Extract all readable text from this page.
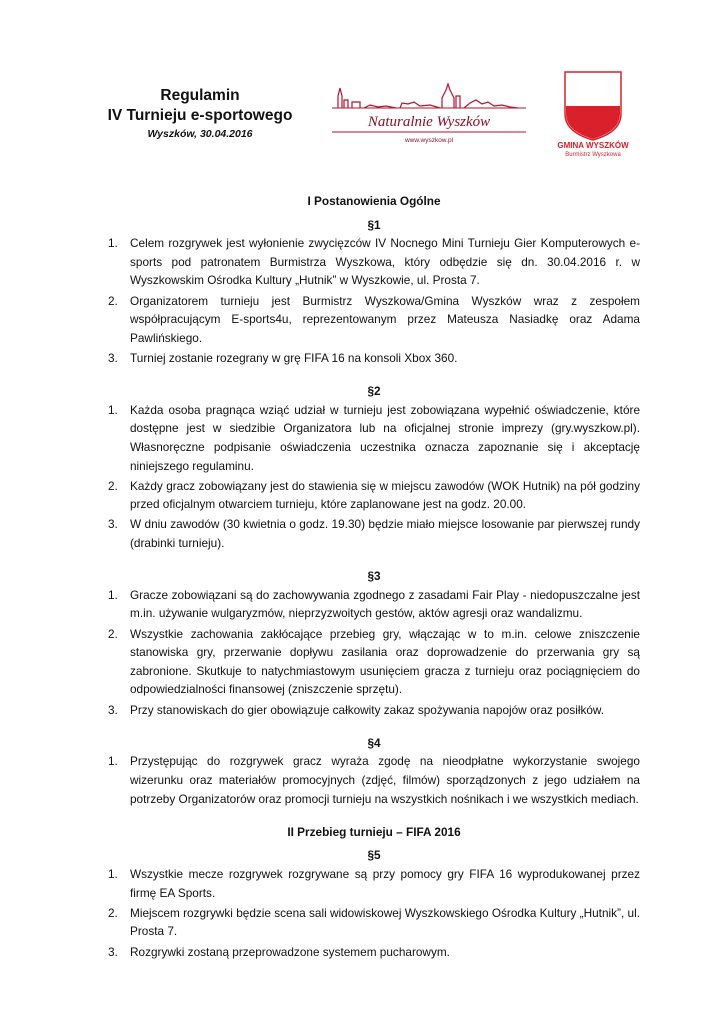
Regulamin
IV Turnieju e-sportowego
Wyszków, 30.04.2016
Naturalnie Wyszków
www.wyszkow.pl
GMINA WYSZKÓW
Burmistrz Wyszkowa
I Postanowienia Ogólne
§1
1. Celem rozgrywek jest wyłonienie zwycięzców IV Nocnego Mini Turnieju Gier Komputerowych e-sports pod patronatem Burmistrza Wyszkowa, który odbędzie się dn. 30.04.2016 r. w Wyszkowskim Ośrodka Kultury „Hutnik” w Wyszkowie, ul. Prosta 7.
2. Organizatorem turnieju jest Burmistrz Wyszkowa/Gmina Wyszków wraz z zespołem współpracującym E-sports4u, reprezentowanym przez Mateusza Nasiadkę oraz Adama Pawlińskiego.
3. Turniej zostanie rozegrany w grę FIFA 16 na konsoli Xbox 360.
§2
1. Każda osoba pragnąca wziąć udział w turnieju jest zobowiązana wypełnić oświadczenie, które dostępne jest w siedzibie Organizatora lub na oficjalnej stronie imprezy (gry.wyszkow.pl). Własnoręczne podpisanie oświadczenia uczestnika oznacza zapoznanie się i akceptację niniejszego regulaminu.
2. Każdy gracz zobowiązany jest do stawienia się w miejscu zawodów (WOK Hutnik) na pół godziny przed oficjalnym otwarciem turnieju, które zaplanowane jest na godz. 20.00.
3. W dniu zawodów (30 kwietnia o godz. 19.30) będzie miało miejsce losowanie par pierwszej rundy (drabinki turnieju).
§3
1. Gracze zobowiązani są do zachowywania zgodnego z zasadami Fair Play - niedopuszczalne jest m.in. używanie wulgaryzmów, nieprzyzwoitych gestów, aktów agresji oraz wandalizmu.
2. Wszystkie zachowania zakłócające przebieg gry, włączając w to m.in. celowe zniszczenie stanowiska gry, przerwanie dopływu zasilania oraz doprowadzenie do przerwania gry są zabronione. Skutkuje to natychmiastowym usunięciem gracza z turnieju oraz pociągnięciem do odpowiedzialności finansowej (zniszczenie sprzętu).
3. Przy stanowiskach do gier obowiązuje całkowity zakaz spożywania napojów oraz posiłków.
§4
1. Przystępując do rozgrywek gracz wyraża zgodę na nieodpłatne wykorzystanie swojego wizerunku oraz materiałów promocyjnych (zdjęć, filmów) sporządzonych z jego udziałem na potrzeby Organizatorów oraz promocji turnieju na wszystkich nośnikach i we wszystkich mediach.
II Przebieg turnieju – FIFA 2016
§5
1. Wszystkie mecze rozgrywek rozgrywane są przy pomocy gry FIFA 16 wyprodukowanej przez firmę EA Sports.
2. Miejscem rozgrywki będzie scena sali widowiskowej Wyszkowskiego Ośrodka Kultury „Hutnik”, ul. Prosta 7.
3. Rozgrywki zostaną przeprowadzone systemem pucharowym.
